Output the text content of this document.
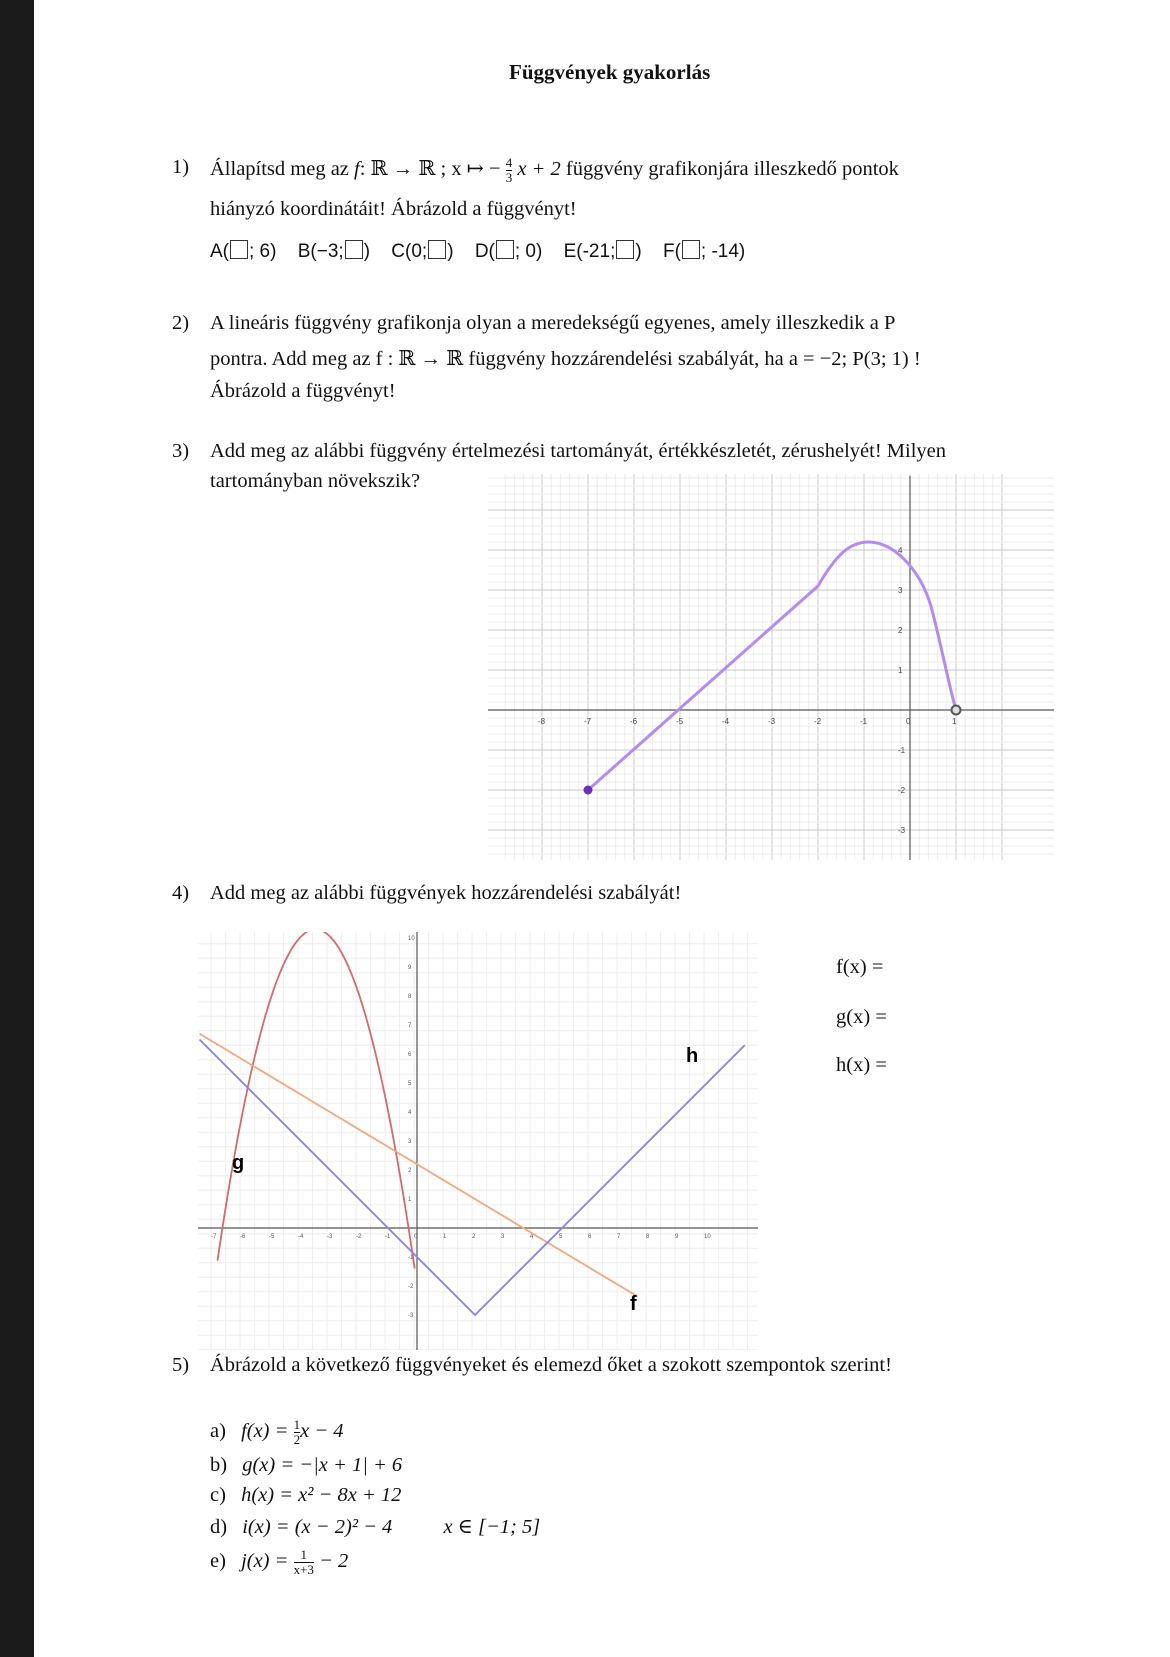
Függvények gyakorlás
1) Állapítsd meg az f: ℝ → ℝ ; x ↦ − $\frac{4}{3}$ x + 2 függvény grafikonjára illeszkedő pontok
hiányzó koordinátáit! Ábrázold a függvényt!
A( ; 6) B(−3; ) C(0; ) D( ; 0) E(-21; ) F( ; -14)
2) A lineáris függvény grafikonja olyan a meredekségű egyenes, amely illeszkedik a P
pontra. Add meg az f : ℝ → ℝ függvény hozzárendelési szabályát, ha a = −2; P(3; 1) !
Ábrázold a függvényt!
3) Add meg az alábbi függvény értelmezési tartományát, értékkészletét, zérushelyét! Milyen
tartományban növekszik?
-8	-7	-6	-5	-4	-3	-2	-1	0	1
4
3
2
1
-1
-2
-3
4) Add meg az alábbi függvények hozzárendelési szabályát!
-7	-6	-5	-4	-3	-2	-1	0	1	2	3	4	5	6	7	8	9	10
10
9
8
7
6
5
4
3
2
1
-1
-2
-3
g
h
f
f(x) =
g(x) =
h(x) =
5) Ábrázold a következő függvényeket és elemezd őket a szokott szempontok szerint!
a) $f(x) = \frac{1}{2}$ x − 4
b) g(x) = −|x + 1| + 6
c) h(x) = x² − 8x + 12
d) i(x) = (x − 2)² − 4 x ∈ [−1; 5]
e) $j(x) = \frac{1}{x+3} - 2$
